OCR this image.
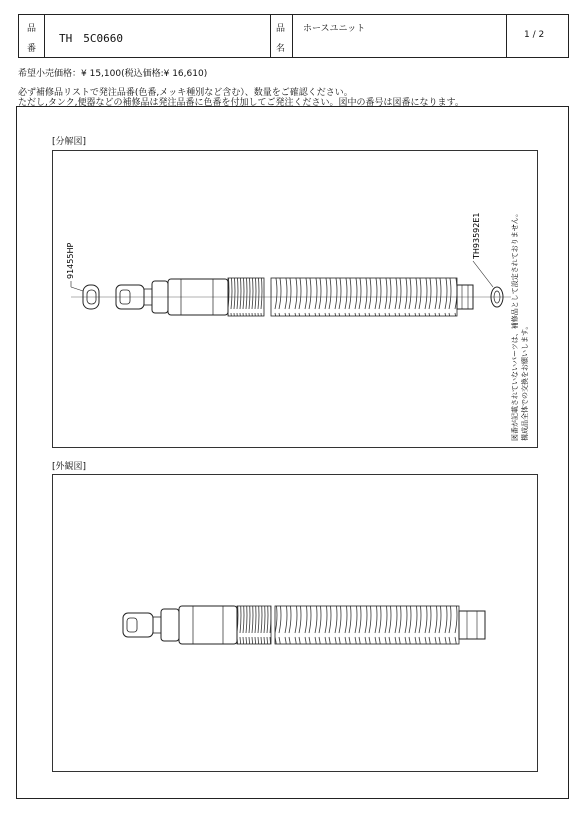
品
番
TH　5C0660
品
名
ホースユニット
1 / 2
希望小売価格：¥ 15,100(税込価格:¥ 16,610)
必ず補修品リストで発注品番(色番,メッキ種別など含む）、数量をご確認ください。
ただし,タンク,便器などの補修品は発注品番に色番を付加してご発注ください。図中の番号は図番になります。
[分解図]
91455HP
TH93592E1	図番が記載されていないパーツは、補修品として設定されておりません。 構成品全体での交換をお願いします。
[外観図]
